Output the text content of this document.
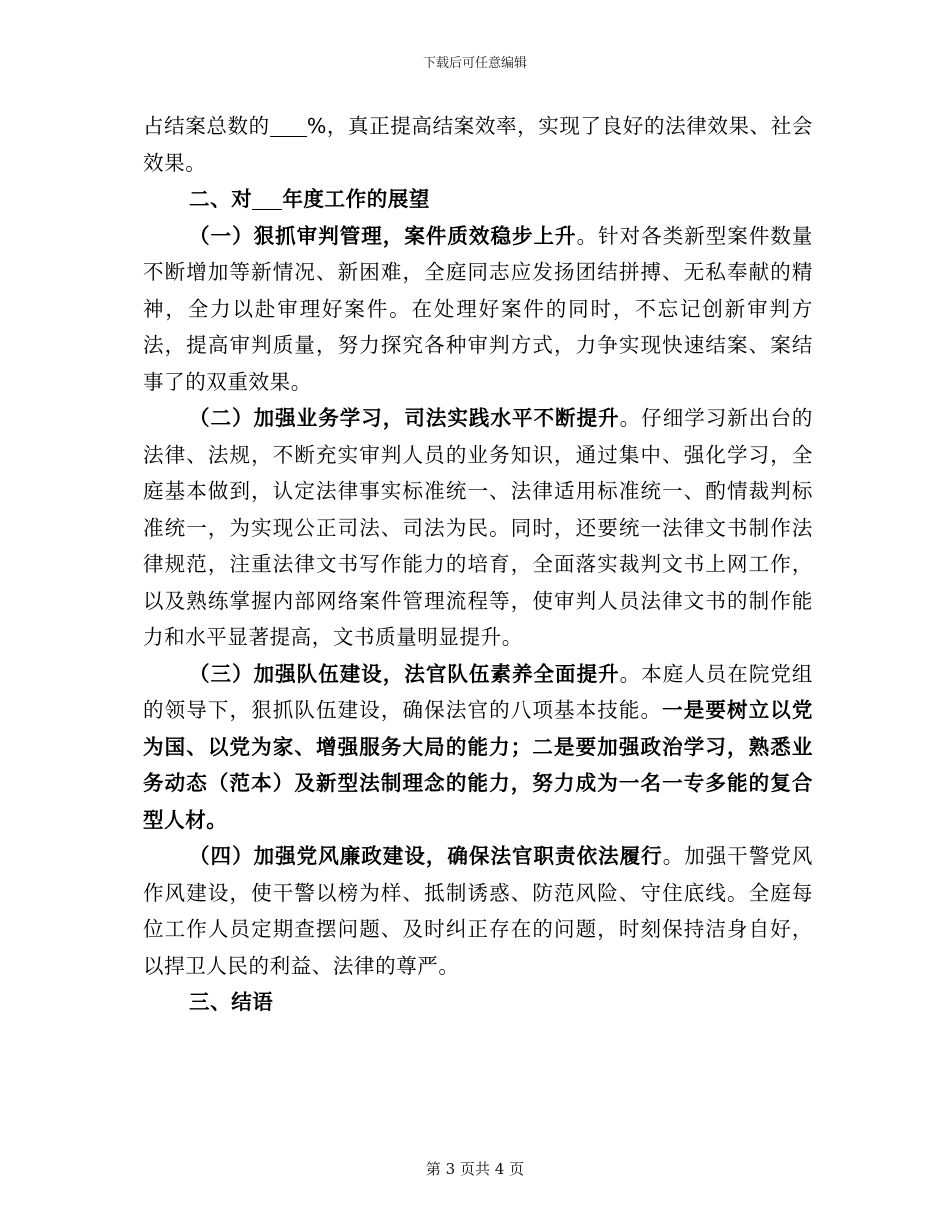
下载后可任意编辑

占结案总数的 %，真正提高结案效率，实现了良好的法律效果、社会效果。

二、对 年度工作的展望

（一）狠抓审判管理，案件质效稳步上升。针对各类新型案件数量不断增加等新情况、新困难，全庭同志应发扬团结拼搏、无私奉献的精神，全力以赴审理好案件。在处理好案件的同时，不忘记创新审判方法，提高审判质量，努力探究各种审判方式，力争实现快速结案、案结事了的双重效果。

（二）加强业务学习，司法实践水平不断提升。仔细学习新出台的法律、法规，不断充实审判人员的业务知识，通过集中、强化学习，全庭基本做到，认定法律事实标准统一、法律适用标准统一、酌情裁判标准统一，为实现公正司法、司法为民。同时，还要统一法律文书制作法律规范，注重法律文书写作能力的培育，全面落实裁判文书上网工作，以及熟练掌握内部网络案件管理流程等，使审判人员法律文书的制作能力和水平显著提高，文书质量明显提升。

（三）加强队伍建设，法官队伍素养全面提升。本庭人员在院党组的领导下，狠抓队伍建设，确保法官的八项基本技能。一是要树立以党为国、以党为家、增强服务大局的能力；二是要加强政治学习，熟悉业务动态（范本）及新型法制理念的能力，努力成为一名一专多能的复合型人材。

（四）加强党风廉政建设，确保法官职责依法履行。加强干警党风作风建设，使干警以榜为样、抵制诱惑、防范风险、守住底线。全庭每位工作人员定期查摆问题、及时纠正存在的问题，时刻保持洁身自好，以捍卫人民的利益、法律的尊严。

三、结语

第 3 页共 4 页
